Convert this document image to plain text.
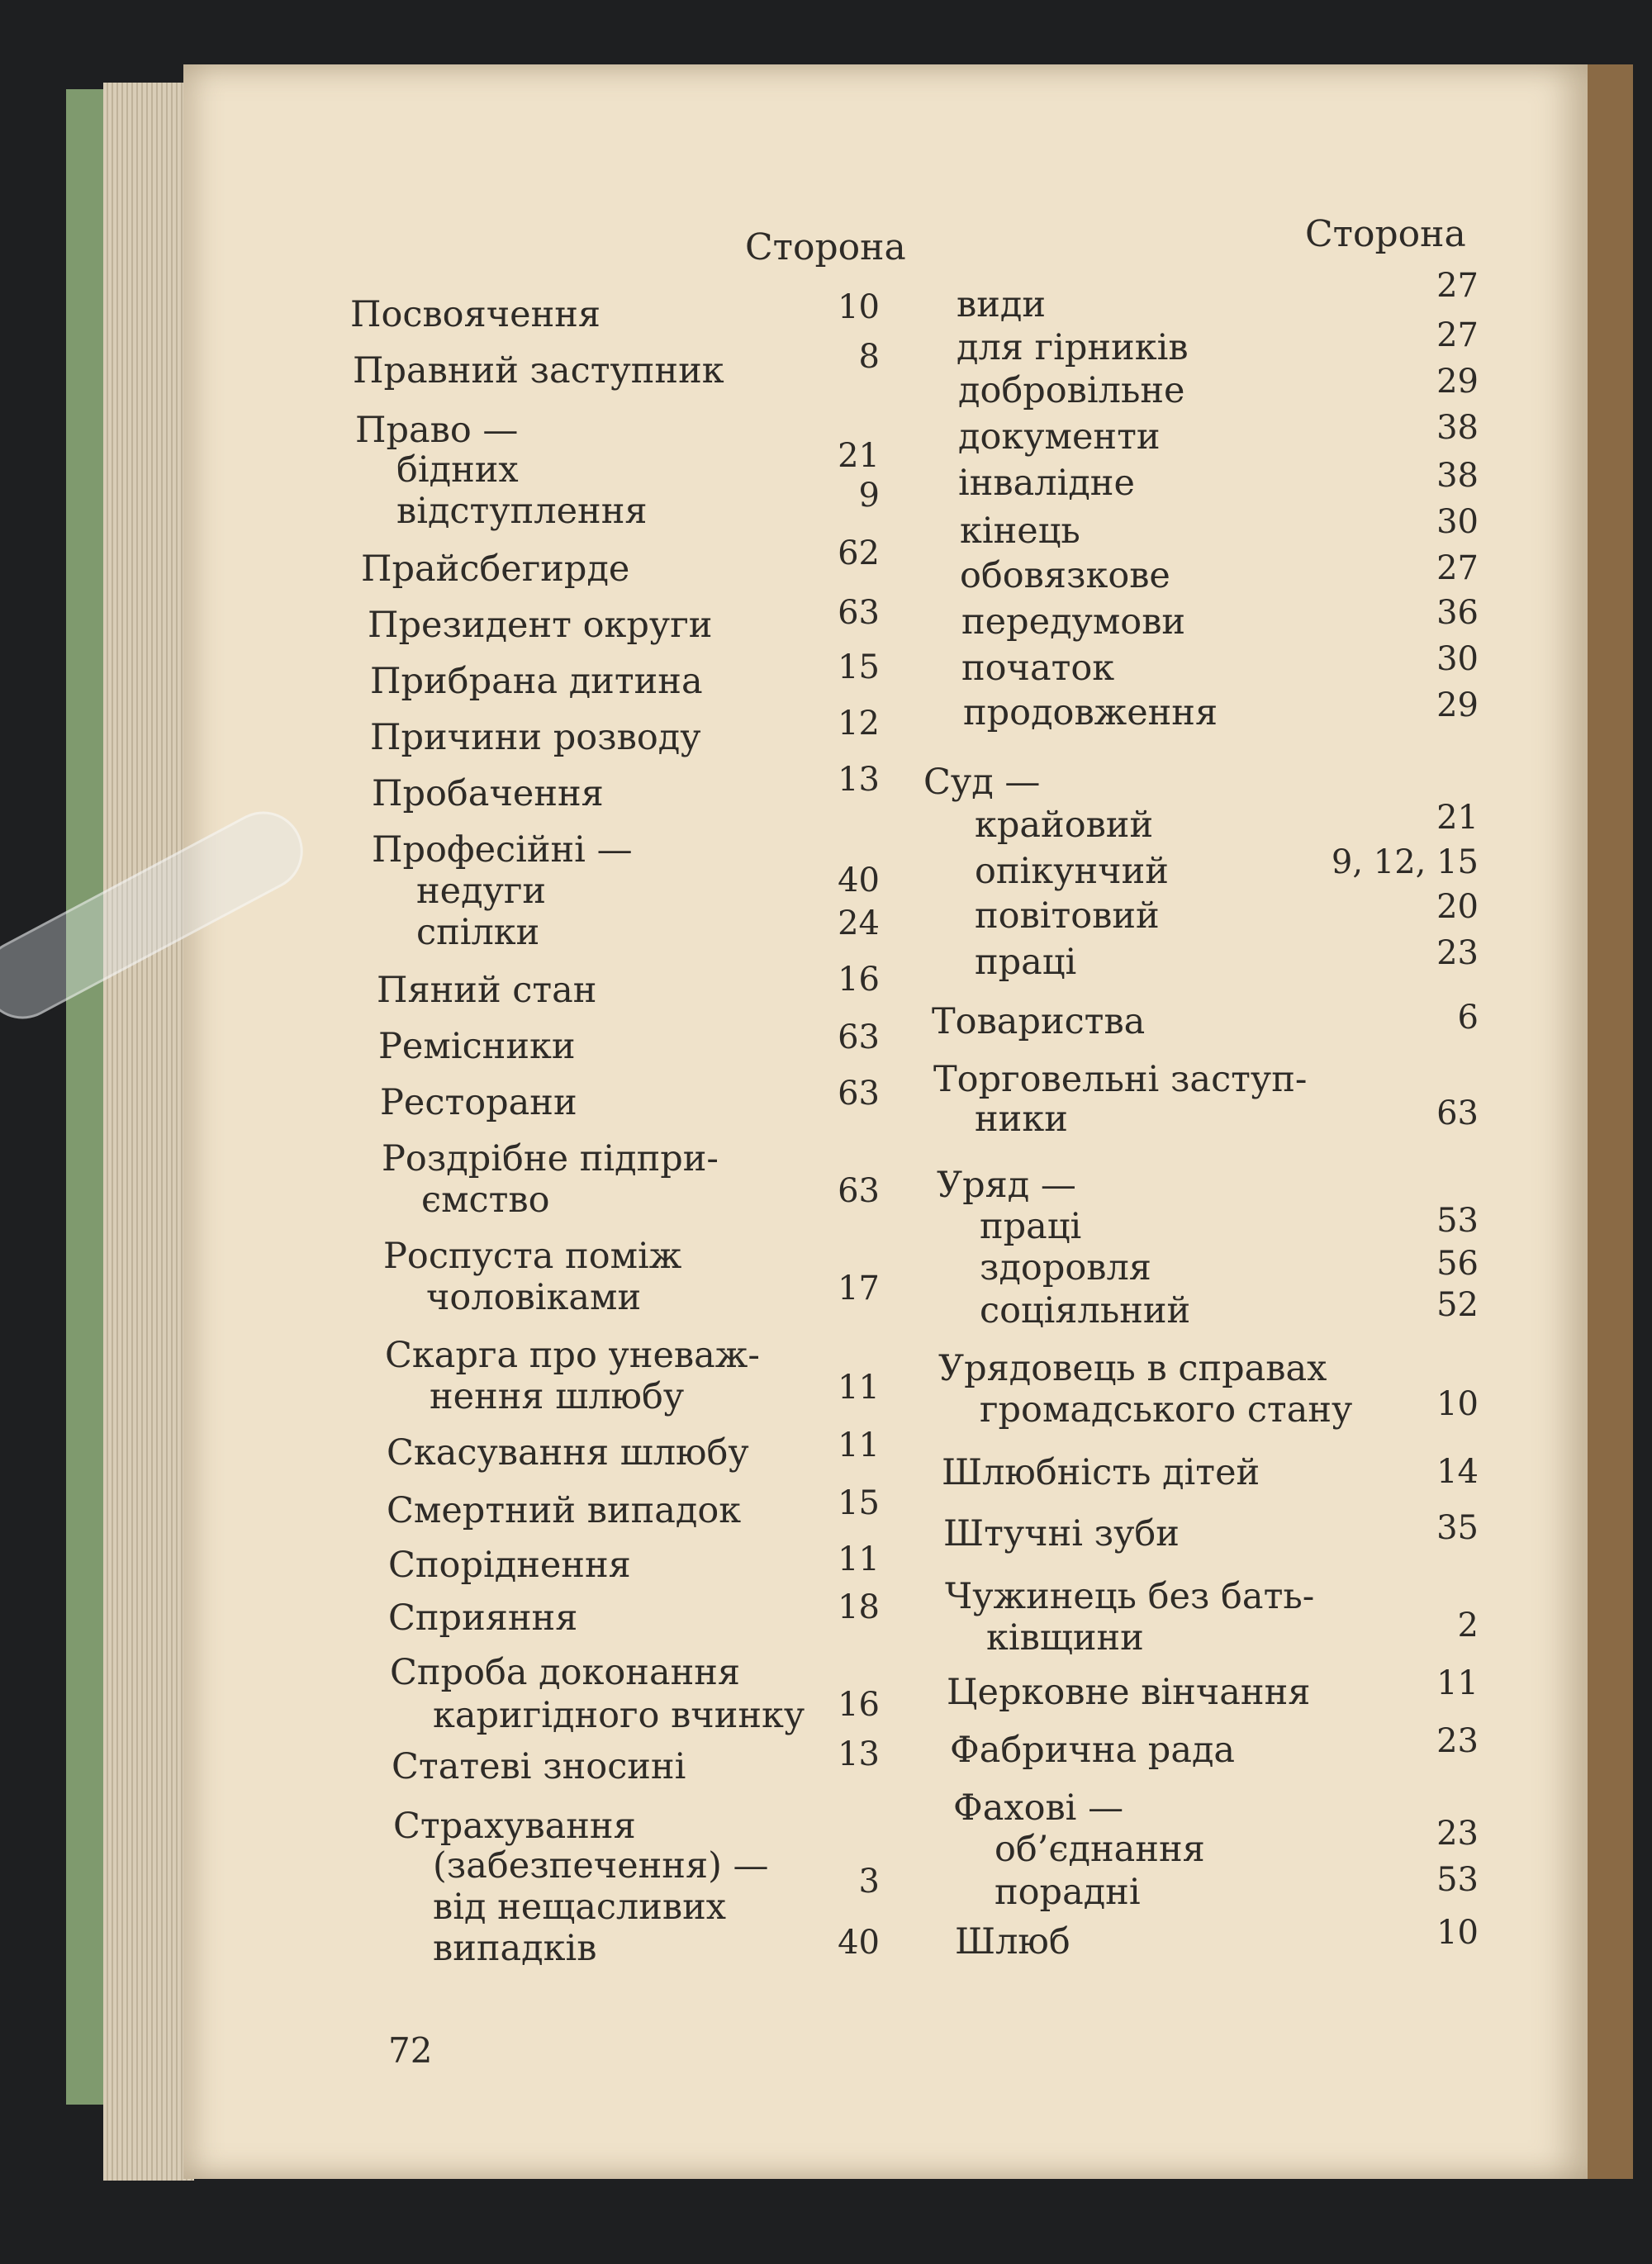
Сторона	Сторона
Посвоячення	10
Правний заступник	8
Право —
бідних	21
відступлення	9
Прайсбегирде	62
Президент округи	63
Прибрана дитина	15
Причини розводу	12
Пробачення	13
Професійні —
недуги	40
спілки	24
Пяний стан	16
Ремісники	63
Ресторани	63
Роздрібне підпри-
ємство	63
Роспуста поміж
чоловіками	17
Скарга про уневаж-
нення шлюбу	11
Скасування шлюбу	11
Смертний випадок	15
Споріднення	11
Сприяння	18
Спроба доконання
каригідного вчинку 16
Статеві зносині	13
Страхування
(забезпечення) —	3
від нещасливих
випадків	40
види	27
для гірників	27
добровільне	29
документи	38
інвалідне	38
кінець	30
обовязкове	27
передумови	36
початок	30
продовження	29
Суд —
крайовий	21
опікунчий	9, 12, 15
повітовий	20
праці	23
Товариства	6
Торговельні заступ-
ники	63
Уряд —
праці	53
здоровля	56
соціяльний	52
Урядовець в справах
громадського стану	10
Шлюбність дітей	14
Штучні зуби	35
Чужинець без бать-
ківщини	2
Церковне вінчання	11
Фабрична рада	23
Фахові —
об’єднання	23
порадні	53
Шлюб	10
72
